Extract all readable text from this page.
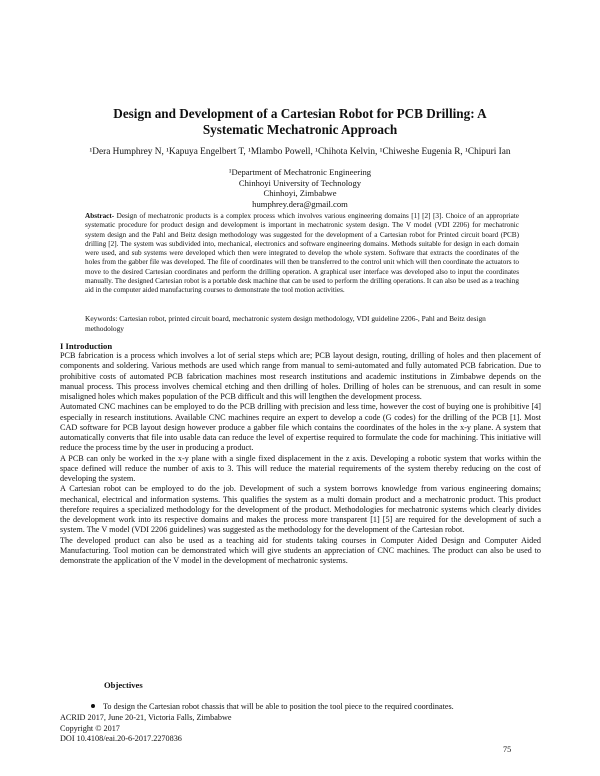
Design and Development of a Cartesian Robot for PCB Drilling: A
Systematic Mechatronic Approach
¹Dera Humphrey N, ¹Kapuya Engelbert T, ¹Mlambo Powell, ¹Chihota Kelvin, ¹Chiweshe Eugenia R, ¹Chipuri Ian
¹Department of Mechatronic Engineering
Chinhoyi University of Technology
Chinhoyi, Zimbabwe
humphrey.dera@gmail.com
Abstract- Design of mechatronic products is a complex process which involves various engineering domains [1] [2] [3]. Choice of an appropriate systematic procedure for product design and development is important in mechatronic system design. The V model (VDI 2206) for mechatronic system design and the Pahl and Beitz design methodology was suggested for the development of a Cartesian robot for Printed circuit board (PCB) drilling [2]. The system was subdivided into, mechanical, electronics and software engineering domains. Methods suitable for design in each domain were used, and sub systems were developed which then were integrated to develop the whole system. Software that extracts the coordinates of the holes from the gabber file was developed. The file of coordinates will then be transferred to the control unit which will then coordinate the actuators to move to the desired Cartesian coordinates and perform the drilling operation. A graphical user interface was developed also to input the coordinates manually. The designed Cartesian robot is a portable desk machine that can be used to perform the drilling operations. It can also be used as a teaching aid in the computer aided manufacturing courses to demonstrate the tool motion activities.
Keywords: Cartesian robot, printed circuit board, mechatronic system design methodology, VDI guideline 2206-, Pahl and Beitz design methodology
I Introduction

PCB fabrication is a process which involves a lot of serial steps which are; PCB layout design, routing, drilling of holes and then placement of components and soldering. Various methods are used which range from manual to semi-automated and fully automated PCB fabrication. Due to prohibitive costs of automated PCB fabrication machines most research institutions and academic institutions in Zimbabwe depends on the manual process. This process involves chemical etching and then drilling of holes. Drilling of holes can be strenuous, and can result in some misaligned holes which makes population of the PCB difficult and this will lengthen the development process.

Automated CNC machines can be employed to do the PCB drilling with precision and less time, however the cost of buying one is prohibitive [4] especially in research institutions. Available CNC machines require an expert to develop a code (G codes) for the drilling of the PCB [1]. Most CAD software for PCB layout design however produce a gabber file which contains the coordinates of the holes in the x-y plane. A system that automatically converts that file into usable data can reduce the level of expertise required to formulate the code for machining. This initiative will reduce the process time by the user in producing a product.

A PCB can only be worked in the x-y plane with a single fixed displacement in the z axis. Developing a robotic system that works within the space defined will reduce the number of axis to 3. This will reduce the material requirements of the system thereby reducing on the cost of developing the system.

A Cartesian robot can be employed to do the job. Development of such a system borrows knowledge from various engineering domains; mechanical, electrical and information systems. This qualifies the system as a multi domain product and a mechatronic product. This product therefore requires a specialized methodology for the development of the product. Methodologies for mechatronic systems which clearly divides the development work into its respective domains and makes the process more transparent [1] [5] are required for the development of such a system. The V model (VDI 2206 guidelines) was suggested as the methodology for the development of the Cartesian robot.

The developed product can also be used as a teaching aid for students taking courses in Computer Aided Design and Computer Aided Manufacturing. Tool motion can be demonstrated which will give students an appreciation of CNC machines. The product can also be used to demonstrate the application of the V model in the development of mechatronic systems.

Objectives
To design the Cartesian robot chassis that will be able to position the tool piece to the required coordinates.
ACRID 2017, June 20-21, Victoria Falls, Zimbabwe
Copyright © 2017
DOI 10.4108/eai.20-6-2017.2270836
75
